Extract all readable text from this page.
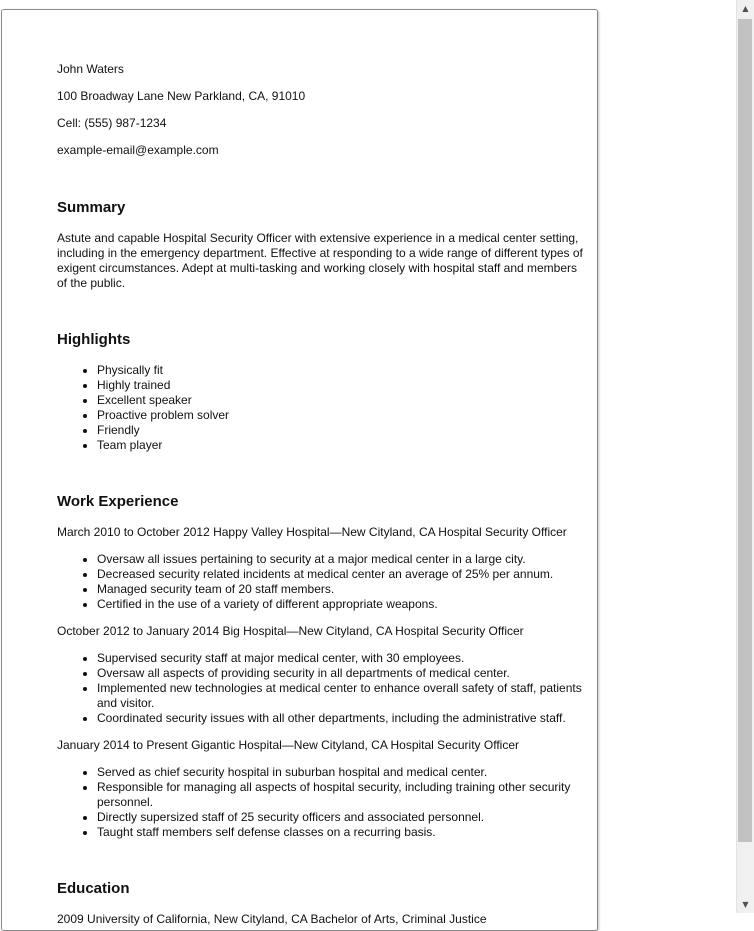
John Waters

100 Broadway Lane New Parkland, CA, 91010

Cell: (555) 987-1234

example-email@example.com

Summary

Astute and capable Hospital Security Officer with extensive experience in a medical center setting, including in the emergency department. Effective at responding to a wide range of different types of exigent circumstances. Adept at multi-tasking and working closely with hospital staff and members of the public.

Highlights
• Physically fit
• Highly trained
• Excellent speaker
• Proactive problem solver
• Friendly
• Team player
Work Experience

March 2010 to October 2012 Happy Valley Hospital—New Cityland, CA Hospital Security Officer

• Oversaw all issues pertaining to security at a major medical center in a large city.
• Decreased security related incidents at medical center an average of 25% per annum.
• Managed security team of 20 staff members.
• Certified in the use of a variety of different appropriate weapons.

October 2012 to January 2014 Big Hospital—New Cityland, CA Hospital Security Officer

• Supervised security staff at major medical center, with 30 employees.
• Oversaw all aspects of providing security in all departments of medical center.
• Implemented new technologies at medical center to enhance overall safety of staff, patients and visitor.
• Coordinated security issues with all other departments, including the administrative staff.

January 2014 to Present Gigantic Hospital—New Cityland, CA Hospital Security Officer

• Served as chief security hospital in suburban hospital and medical center.
• Responsible for managing all aspects of hospital security, including training other security personnel.
• Directly supersized staff of 25 security officers and associated personnel.
• Taught staff members self defense classes on a recurring basis.
Education

2009 University of California, New Cityland, CA Bachelor of Arts, Criminal Justice

▲
▼
